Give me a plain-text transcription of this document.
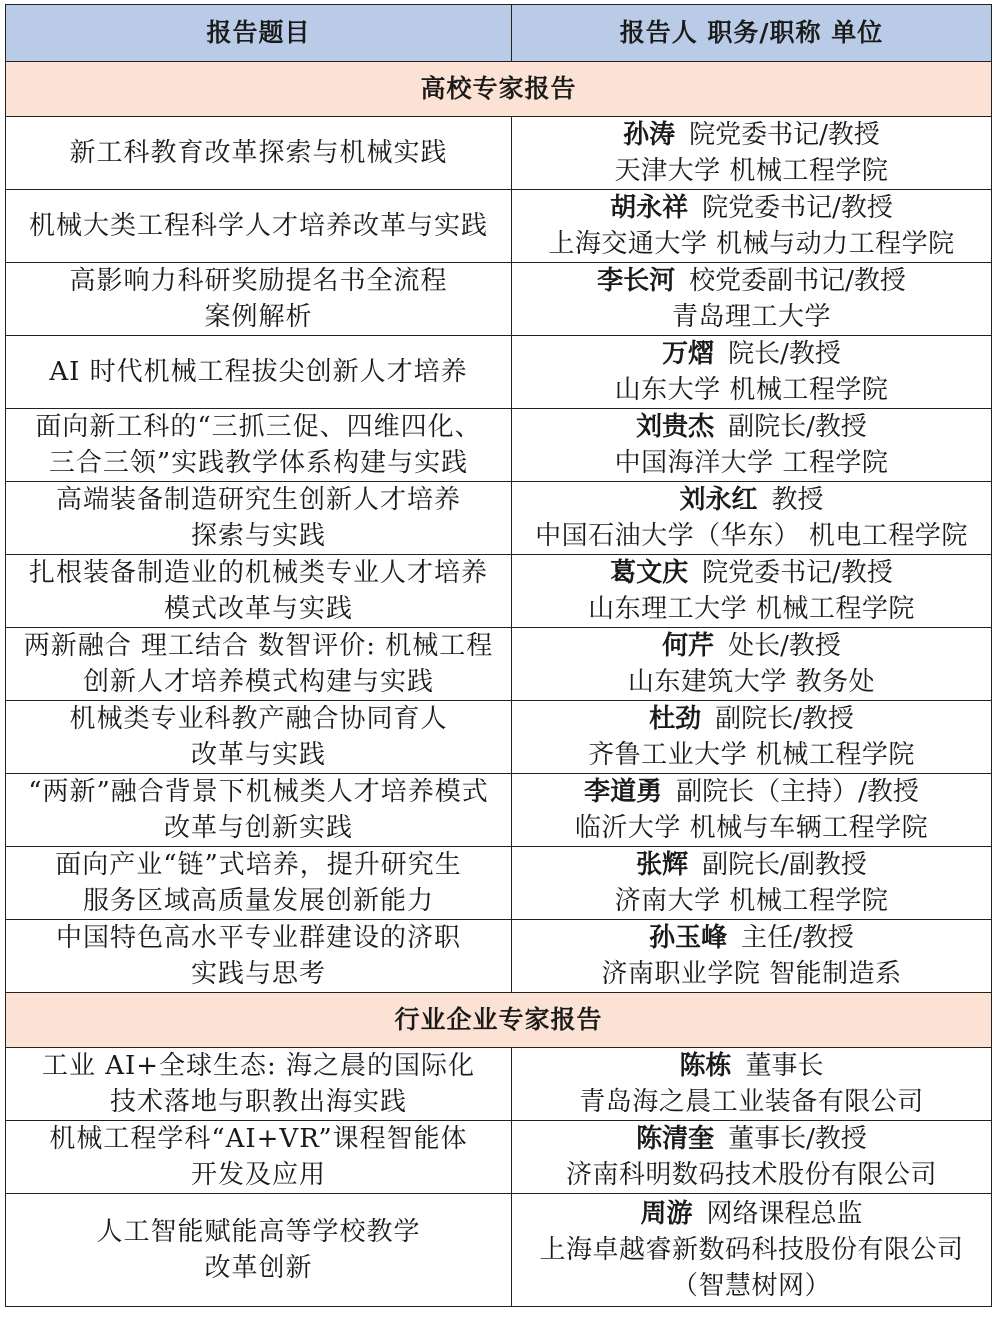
报告题目	报告人 职务/职称 单位
高校专家报告	

新工科教育改革探索与机械实践	孙涛 院党委书记/教授
天津大学 机械工程学院

机械大类工程科学人才培养改革与实践	胡永祥 院党委书记/教授
上海交通大学 机械与动力工程学院

高影响力科研奖励提名书全流程
案例解析	李长河 校党委副书记/教授
青岛理工大学

AI 时代机械工程拔尖创新人才培养	万熠 院长/教授
山东大学 机械工程学院

面向新工科的“三抓三促、四维四化、
三合三领”实践教学体系构建与实践	刘贵杰 副院长/教授
中国海洋大学 工程学院

高端装备制造研究生创新人才培养
探索与实践	刘永红 教授
中国石油大学（华东） 机电工程学院

扎根装备制造业的机械类专业人才培养
模式改革与实践	葛文庆 院党委书记/教授
山东理工大学 机械工程学院

两新融合 理工结合 数智评价: 机械工程
创新人才培养模式构建与实践	何芹 处长/教授
山东建筑大学 教务处

机械类专业科教产融合协同育人
改革与实践	杜劲 副院长/教授
齐鲁工业大学 机械工程学院

“两新”融合背景下机械类人才培养模式
改革与创新实践	李道勇 副院长（主持）/教授
临沂大学 机械与车辆工程学院

面向产业“链”式培养，提升研究生
服务区域高质量发展创新能力	张辉 副院长/副教授
济南大学 机械工程学院

中国特色高水平专业群建设的济职
实践与思考	孙玉峰 主任/教授
济南职业学院 智能制造系

行业企业专家报告	

工业 AI+全球生态: 海之晨的国际化
技术落地与职教出海实践	陈栋 董事长
青岛海之晨工业装备有限公司

机械工程学科“AI+VR”课程智能体
开发及应用	陈清奎 董事长/教授
济南科明数码技术股份有限公司

人工智能赋能高等学校教学
改革创新	周游 网络课程总监
上海卓越睿新数码科技股份有限公司
（智慧树网）
